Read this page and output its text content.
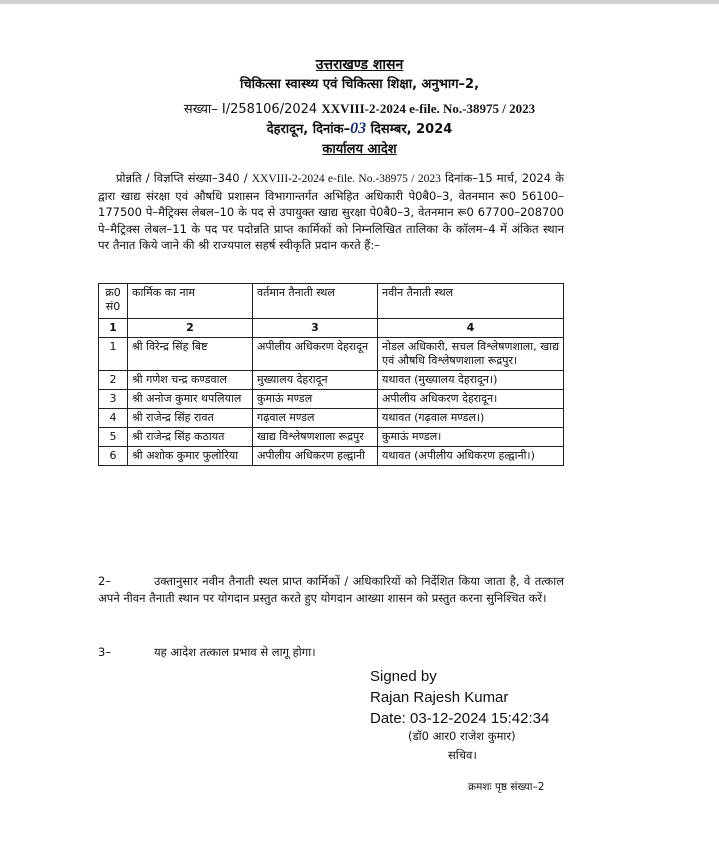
उत्तराखण्ड शासन
चिकित्सा स्वास्थ्य एवं चिकित्सा शिक्षा, अनुभाग–2,
सख्या– I/258106/2024 XXVIII-2-2024 e-file. No.-38975 / 2023
देहरादून, दिनांक–03 दिसम्बर, 2024
कार्यालय आदेश
प्रोन्नति / विज्ञप्ति संख्या–340 / XXVIII-2-2024 e-file. No.-38975 / 2023 दिनांक–15 मार्च, 2024 के द्वारा खाद्य संरक्षा एवं औषधि प्रशासन विभागान्तर्गत अभिहित अधिकारी पे0बै0–3, वेतनमान रू0 56100–177500 पे–मैट्रिक्स लेबल–10 के पद से उपायुक्त खाद्य सुरक्षा पे0बै0–3, वेतनमान रू0 67700–208700 पे–मैट्रिक्स लेबल–11 के पद पर पदोन्नति प्राप्त कार्मिकों को निम्नलिखित तालिका के कॉलम–4 में अंकित स्थान पर तैनात किये जाने की श्री राज्यपाल सहर्ष स्वीकृति प्रदान करते हैं:–
क्र0 सं0	कार्मिक का नाम	वर्तमान तैनाती स्थल	नवीन तैनाती स्थल
1	2	3	4
1	श्री विरेन्द्र सिंह बिष्ट	अपीलीय अधिकरण देहरादून	नोडल अधिकारी, सचल विश्लेषणशाला, खाद्य एवं औषधि विश्लेषणशाला रूद्रपुर।
2	श्री गणेश चन्द्र कण्डवाल	मुख्यालय देहरादून	यथावत (मुख्यालय देहरादून।)
3	श्री अनोज कुमार थपलियाल	कुमाऊं मण्डल	अपीलीय अधिकरण देहरादून।
4	श्री राजेन्द्र सिंह रावत	गढ़वाल मण्डल	यथावत (गढ़वाल मण्डल।)
5	श्री राजेन्द्र सिंह कठायत	खाद्य विश्लेषणशाला रूद्रपुर	कुमाऊं मण्डल।
6	श्री अशोक कुमार फुलोरिया	अपीलीय अधिकरण हल्द्वानी	यथावत (अपीलीय अधिकरण हल्द्वानी।)
2–	उक्तानुसार नवीन तैनाती स्थल प्राप्त कार्मिकों / अधिकारियों को निर्देशित किया जाता है, वे तत्काल अपने नीवन तैनाती स्थान पर योगदान प्रस्तुत करते हुए योगदान आख्या शासन को प्रस्तुत करना सुनिश्चित करें।
3–	यह आदेश तत्काल प्रभाव से लागू होगा।
Signed by
Rajan Rajesh Kumar
Date: 03-12-2024 15:42:34
(डॉ0 आर0 राजेश कुमार)
सचिव।
क्रमशः पृष्ठ संख्या–2
